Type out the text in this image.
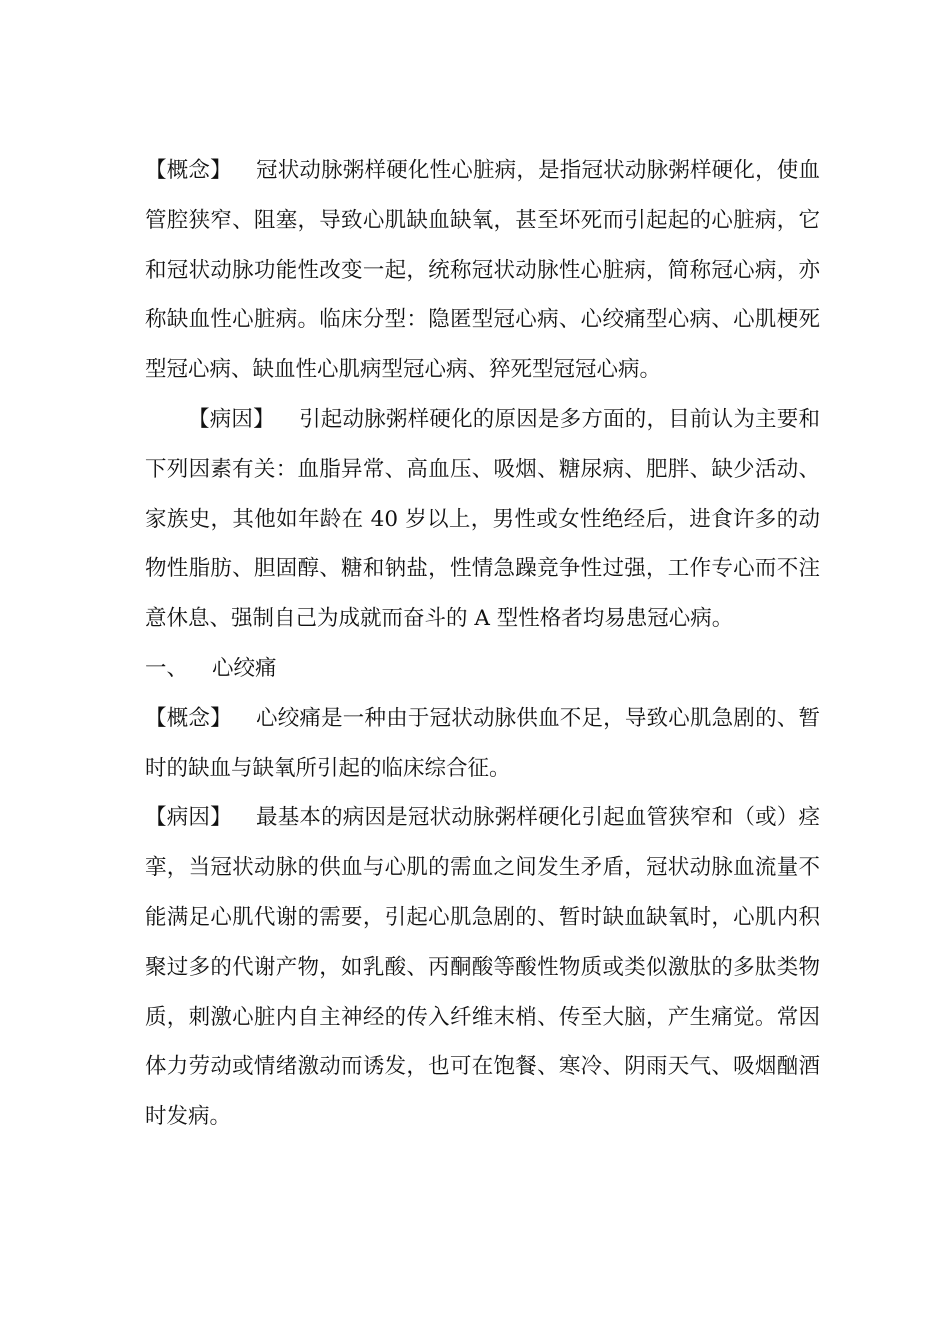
【概念】 冠状动脉粥样硬化性心脏病，是指冠状动脉粥样硬化，使血管腔狭窄、阻塞，导致心肌缺血缺氧，甚至坏死而引起起的心脏病，它和冠状动脉功能性改变一起，统称冠状动脉性心脏病，简称冠心病，亦称缺血性心脏病。临床分型：隐匿型冠心病、心绞痛型心病、心肌梗死型冠心病、缺血性心肌病型冠心病、猝死型冠冠心病。

【病因】 引起动脉粥样硬化的原因是多方面的，目前认为主要和下列因素有关：血脂异常、高血压、吸烟、糖尿病、肥胖、缺少活动、家族史，其他如年龄在 40 岁以上，男性或女性绝经后，进食许多的动物性脂肪、胆固醇、糖和钠盐，性情急躁竞争性过强，工作专心而不注意休息、强制自己为成就而奋斗的 A 型性格者均易患冠心病。

一、 心绞痛

【概念】 心绞痛是一种由于冠状动脉供血不足，导致心肌急剧的、暂时的缺血与缺氧所引起的临床综合征。

【病因】 最基本的病因是冠状动脉粥样硬化引起血管狭窄和（或）痉挛，当冠状动脉的供血与心肌的需血之间发生矛盾，冠状动脉血流量不能满足心肌代谢的需要，引起心肌急剧的、暂时缺血缺氧时，心肌内积聚过多的代谢产物，如乳酸、丙酮酸等酸性物质或类似激肽的多肽类物质，刺激心脏内自主神经的传入纤维末梢、传至大脑，产生痛觉。常因体力劳动或情绪激动而诱发，也可在饱餐、寒冷、阴雨天气、吸烟酗酒时发病。
